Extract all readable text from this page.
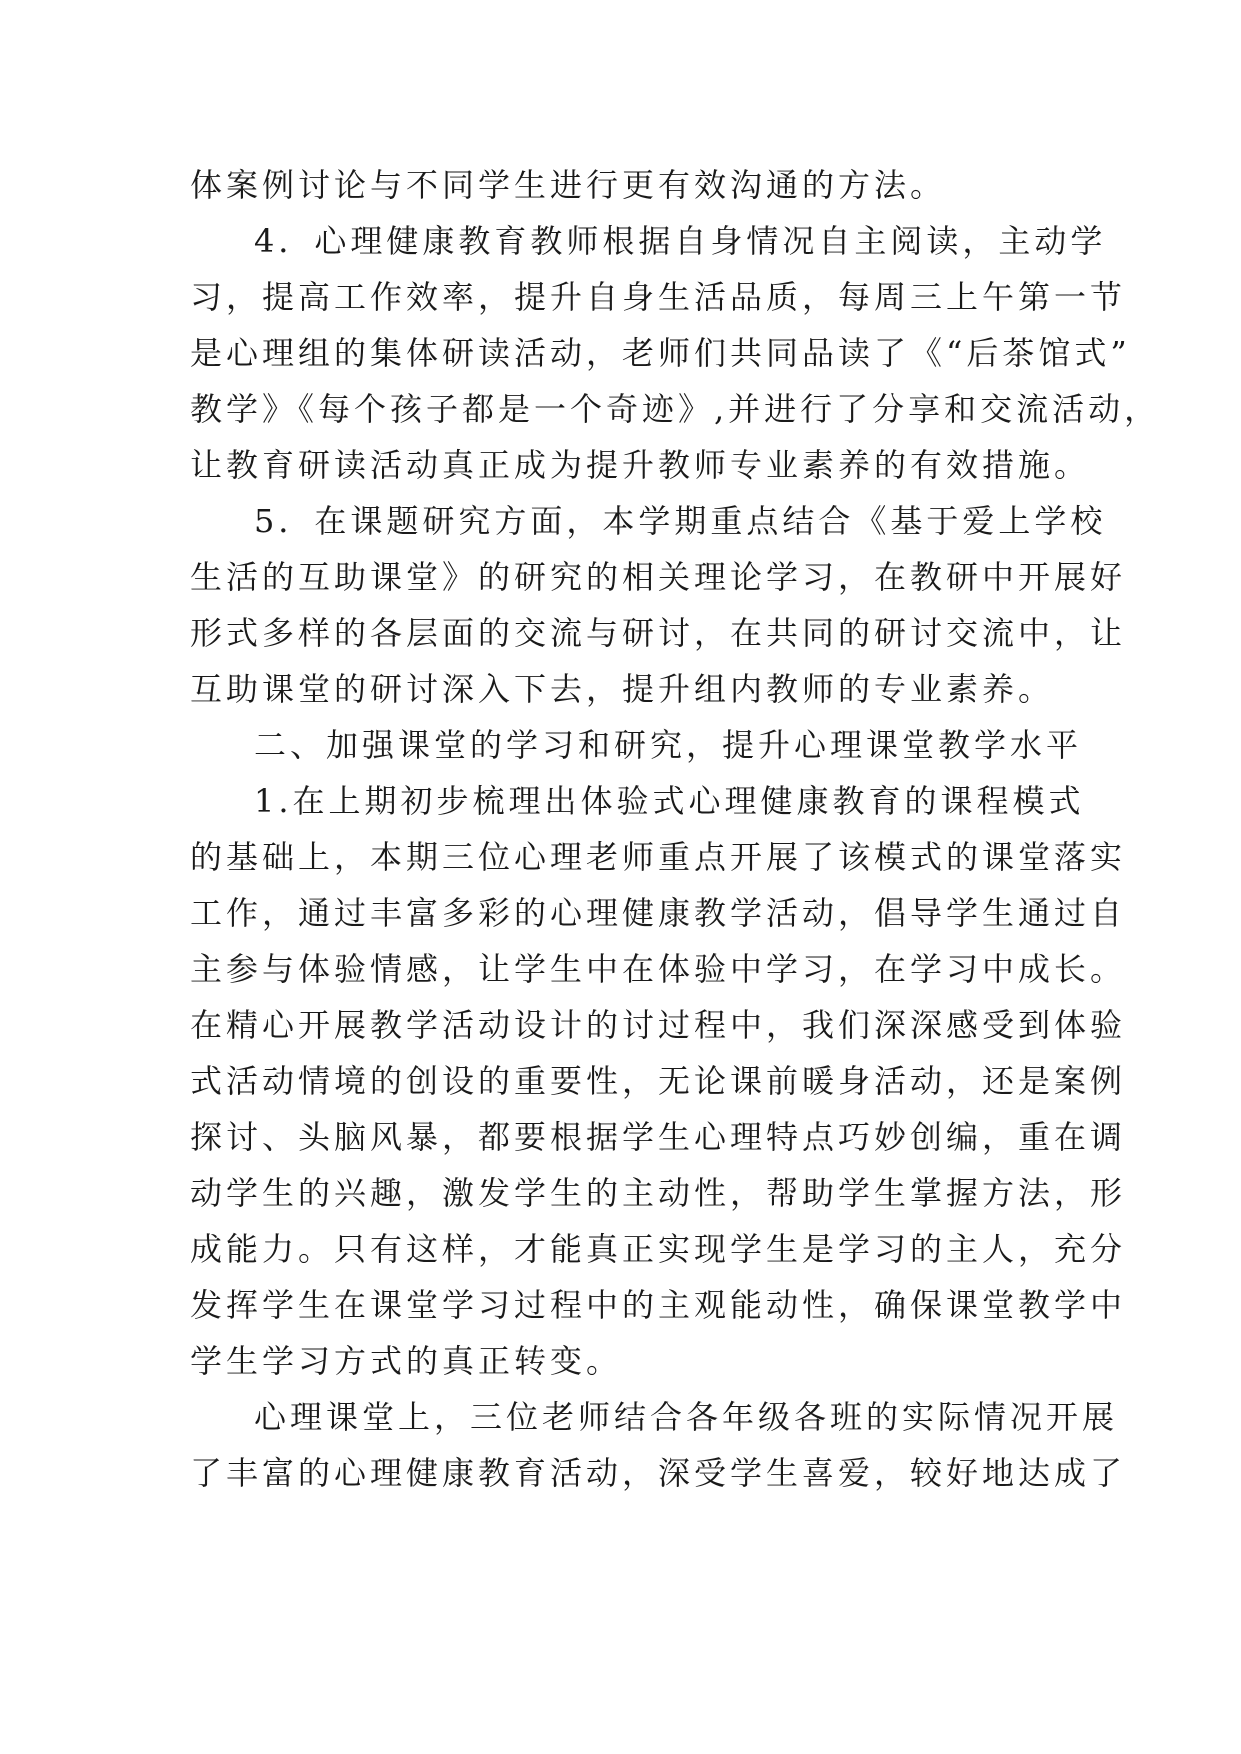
体案例讨论与不同学生进行更有效沟通的方法。
4．心理健康教育教师根据自身情况自主阅读，主动学
习，提高工作效率，提升自身生活品质，每周三上午第一节
是心理组的集体研读活动，老师们共同品读了《“后茶馆式”
教学》《每个孩子都是一个奇迹》,并进行了分享和交流活动，
让教育研读活动真正成为提升教师专业素养的有效措施。
5．在课题研究方面，本学期重点结合《基于爱上学校
生活的互助课堂》的研究的相关理论学习，在教研中开展好
形式多样的各层面的交流与研讨，在共同的研讨交流中，让
互助课堂的研讨深入下去，提升组内教师的专业素养。
二、加强课堂的学习和研究，提升心理课堂教学水平
1.在上期初步梳理出体验式心理健康教育的课程模式
的基础上，本期三位心理老师重点开展了该模式的课堂落实
工作，通过丰富多彩的心理健康教学活动，倡导学生通过自
主参与体验情感，让学生中在体验中学习，在学习中成长。
在精心开展教学活动设计的讨过程中，我们深深感受到体验
式活动情境的创设的重要性，无论课前暖身活动，还是案例
探讨、头脑风暴，都要根据学生心理特点巧妙创编，重在调
动学生的兴趣，激发学生的主动性，帮助学生掌握方法，形
成能力。只有这样，才能真正实现学生是学习的主人，充分
发挥学生在课堂学习过程中的主观能动性，确保课堂教学中
学生学习方式的真正转变。
心理课堂上，三位老师结合各年级各班的实际情况开展
了丰富的心理健康教育活动，深受学生喜爱，较好地达成了
